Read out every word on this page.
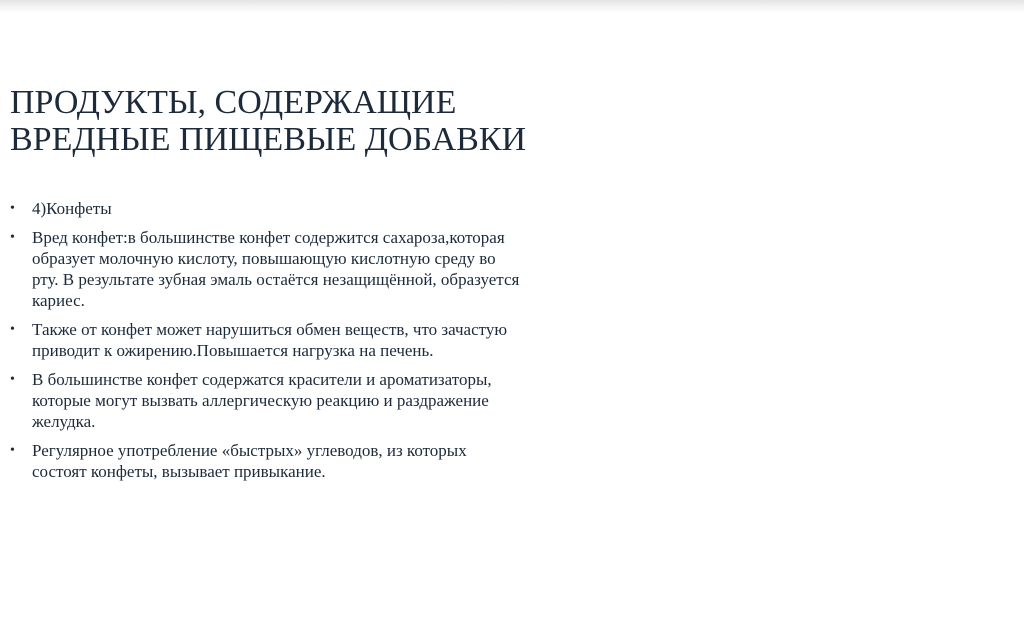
ПРОДУКТЫ, СОДЕРЖАЩИЕ
ВРЕДНЫЕ ПИЩЕВЫЕ ДОБАВКИ
• 4)Конфеты
• Вред конфет:в большинстве конфет содержится сахароза,которая образует молочную кислоту, повышающую кислотную среду во рту. В результате зубная эмаль остаётся незащищённой, образуется кариес.
• Также от конфет может нарушиться обмен веществ, что зачастую приводит к ожирению.Повышается нагрузка на печень.
• В большинстве конфет содержатся красители и ароматизаторы, которые могут вызвать аллергическую реакцию и раздражение желудка.
• Регулярное употребление «быстрых» углеводов, из которых состоят конфеты, вызывает привыкание.
